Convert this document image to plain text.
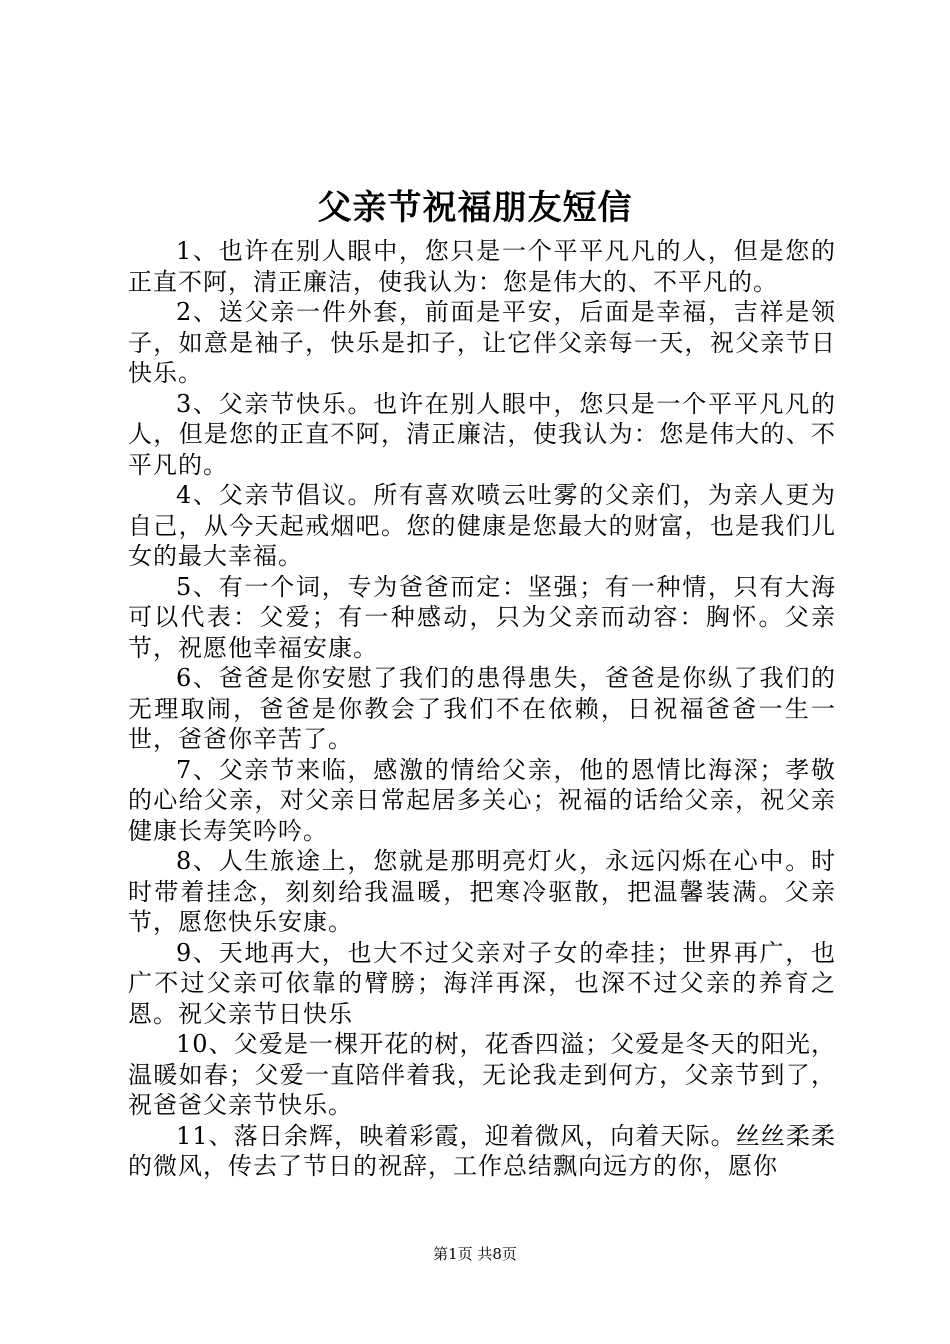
父亲节祝福朋友短信

1、也许在别人眼中，您只是一个平平凡凡的人，但是您的正直不阿，清正廉洁，使我认为：您是伟大的、不平凡的。

2、送父亲一件外套，前面是平安，后面是幸福，吉祥是领子，如意是袖子，快乐是扣子，让它伴父亲每一天，祝父亲节日快乐。

3、父亲节快乐。也许在别人眼中，您只是一个平平凡凡的人，但是您的正直不阿，清正廉洁，使我认为：您是伟大的、不平凡的。

4、父亲节倡议。所有喜欢喷云吐雾的父亲们，为亲人更为自己，从今天起戒烟吧。您的健康是您最大的财富，也是我们儿女的最大幸福。

5、有一个词，专为爸爸而定：坚强；有一种情，只有大海可以代表：父爱；有一种感动，只为父亲而动容：胸怀。父亲节，祝愿他幸福安康。

6、爸爸是你安慰了我们的患得患失，爸爸是你纵了我们的无理取闹，爸爸是你教会了我们不在依赖，日祝福爸爸一生一世，爸爸你辛苦了。

7、父亲节来临，感激的情给父亲，他的恩情比海深；孝敬的心给父亲，对父亲日常起居多关心；祝福的话给父亲，祝父亲健康长寿笑吟吟。

8、人生旅途上，您就是那明亮灯火，永远闪烁在心中。时时带着挂念，刻刻给我温暖，把寒冷驱散，把温馨装满。父亲节，愿您快乐安康。

9、天地再大，也大不过父亲对子女的牵挂；世界再广，也广不过父亲可依靠的臂膀；海洋再深，也深不过父亲的养育之恩。祝父亲节日快乐

10、父爱是一棵开花的树，花香四溢；父爱是冬天的阳光，温暖如春；父爱一直陪伴着我，无论我走到何方，父亲节到了，祝爸爸父亲节快乐。

11、落日余辉，映着彩霞，迎着微风，向着天际。丝丝柔柔的微风，传去了节日的祝辞，工作总结飘向远方的你，愿你

第1页 共8页
